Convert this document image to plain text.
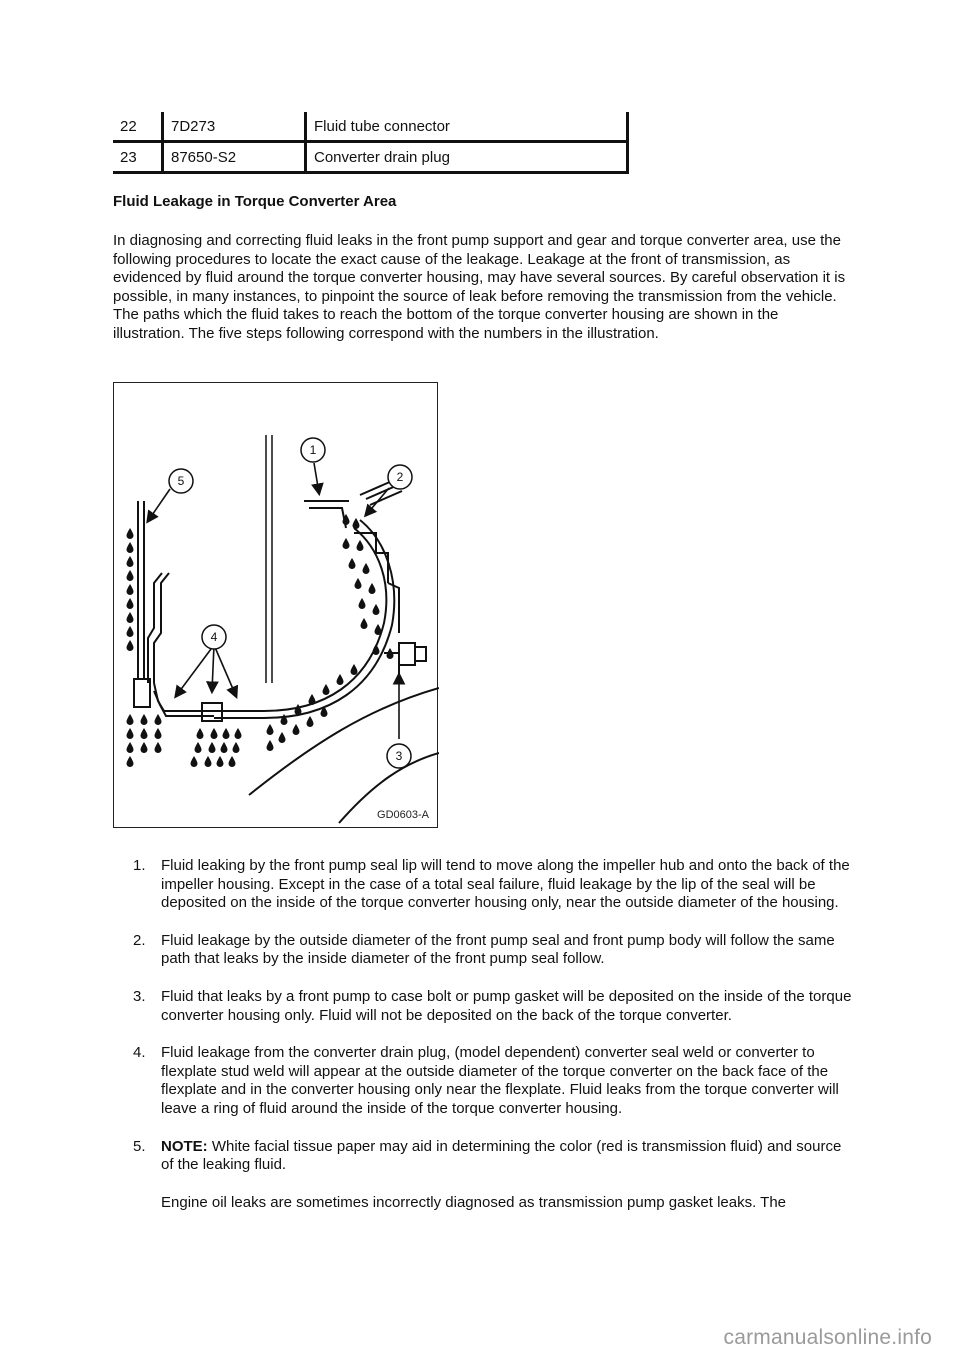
22	7D273	Fluid tube connector
23	87650-S2	Converter drain plug
Fluid Leakage in Torque Converter Area

In diagnosing and correcting fluid leaks in the front pump support and gear and torque converter area, use the following procedures to locate the exact cause of the leakage. Leakage at the front of transmission, as evidenced by fluid around the torque converter housing, may have several sources. By careful observation it is possible, in many instances, to pinpoint the source of leak before removing the transmission from the vehicle. The paths which the fluid takes to reach the bottom of the torque converter housing are shown in the illustration. The five steps following correspond with the numbers in the illustration.

1
2
3
4
5
GD0603-A
1. Fluid leaking by the front pump seal lip will tend to move along the impeller hub and onto the back of the impeller housing. Except in the case of a total seal failure, fluid leakage by the lip of the seal will be deposited on the inside of the torque converter housing only, near the outside diameter of the housing.

2. Fluid leakage by the outside diameter of the front pump seal and front pump body will follow the same path that leaks by the inside diameter of the front pump seal follow.

3. Fluid that leaks by a front pump to case bolt or pump gasket will be deposited on the inside of the torque converter housing only. Fluid will not be deposited on the back of the torque converter.

4. Fluid leakage from the converter drain plug, (model dependent) converter seal weld or converter to flexplate stud weld will appear at the outside diameter of the torque converter on the back face of the flexplate and in the converter housing only near the flexplate. Fluid leaks from the torque converter will leave a ring of fluid around the inside of the torque converter housing.

5. NOTE: White facial tissue paper may aid in determining the color (red is transmission fluid) and source of the leaking fluid.

Engine oil leaks are sometimes incorrectly diagnosed as transmission pump gasket leaks. The

carmanualsonline.info
